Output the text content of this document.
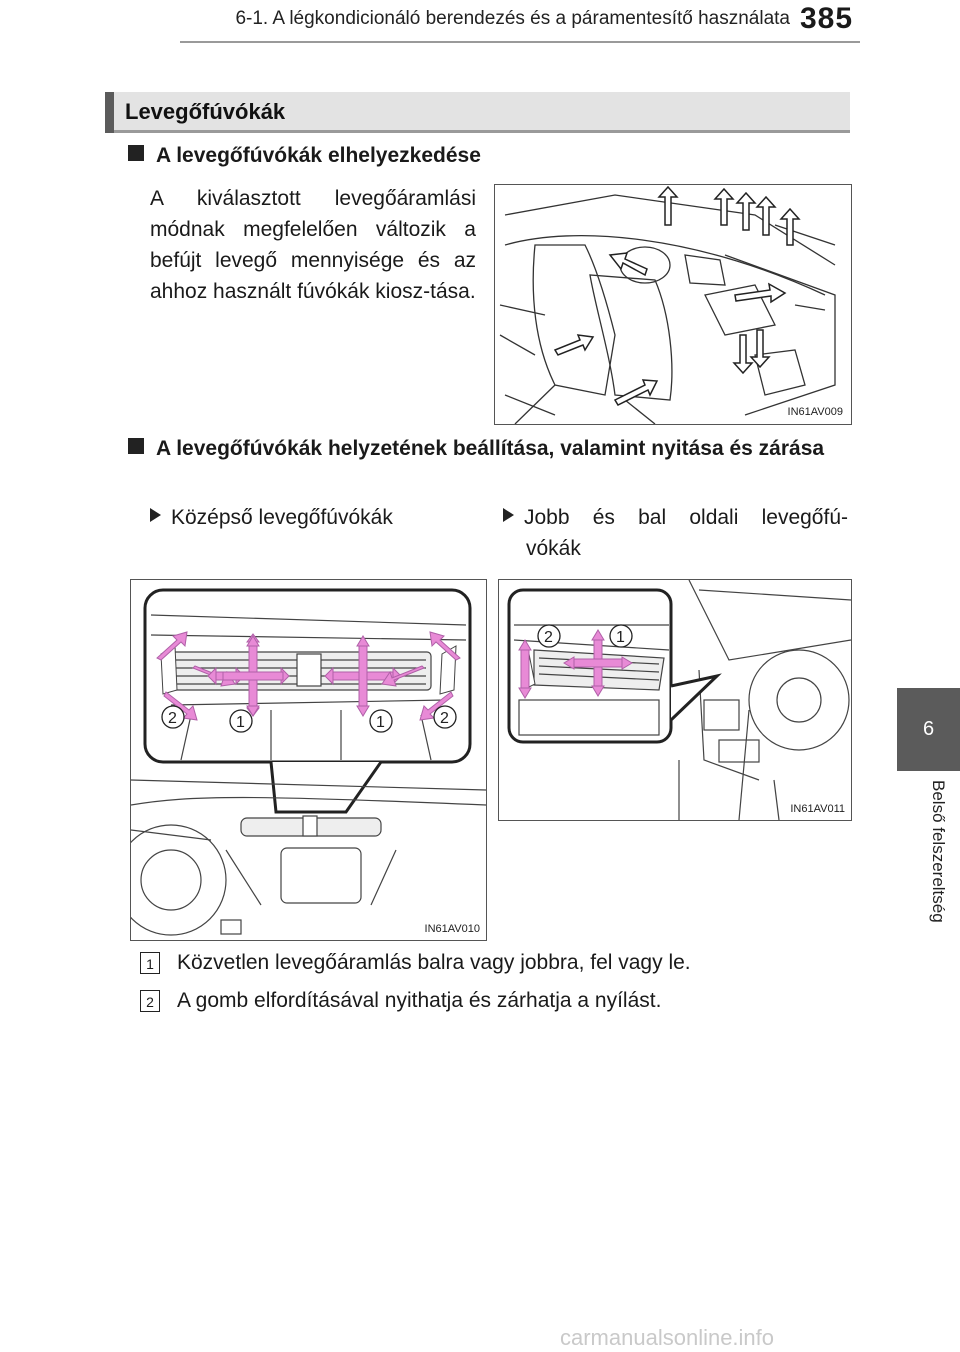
6-1. A légkondicionáló berendezés és a páramentesítő használata 385
Levegőfúvókák
A levegőfúvókák elhelyezkedése
A kiválasztott levegőáramlási módnak megfelelően változik a befújt levegő mennyisége és az ahhoz használt fúvókák kiosz-tása.
IN61AV009
A levegőfúvókák helyzetének beállítása, valamint nyitása és zárása
Középső levegőfúvókák	Jobb és bal oldali levegőfú-
vókák
2	1	1	2
IN61AV010
2	1
IN61AV011
1 Közvetlen levegőáramlás balra vagy jobbra, fel vagy le.
2 A gomb elfordításával nyithatja és zárhatja a nyílást.
6
Belső felszereltség
carmanualsonline.info
